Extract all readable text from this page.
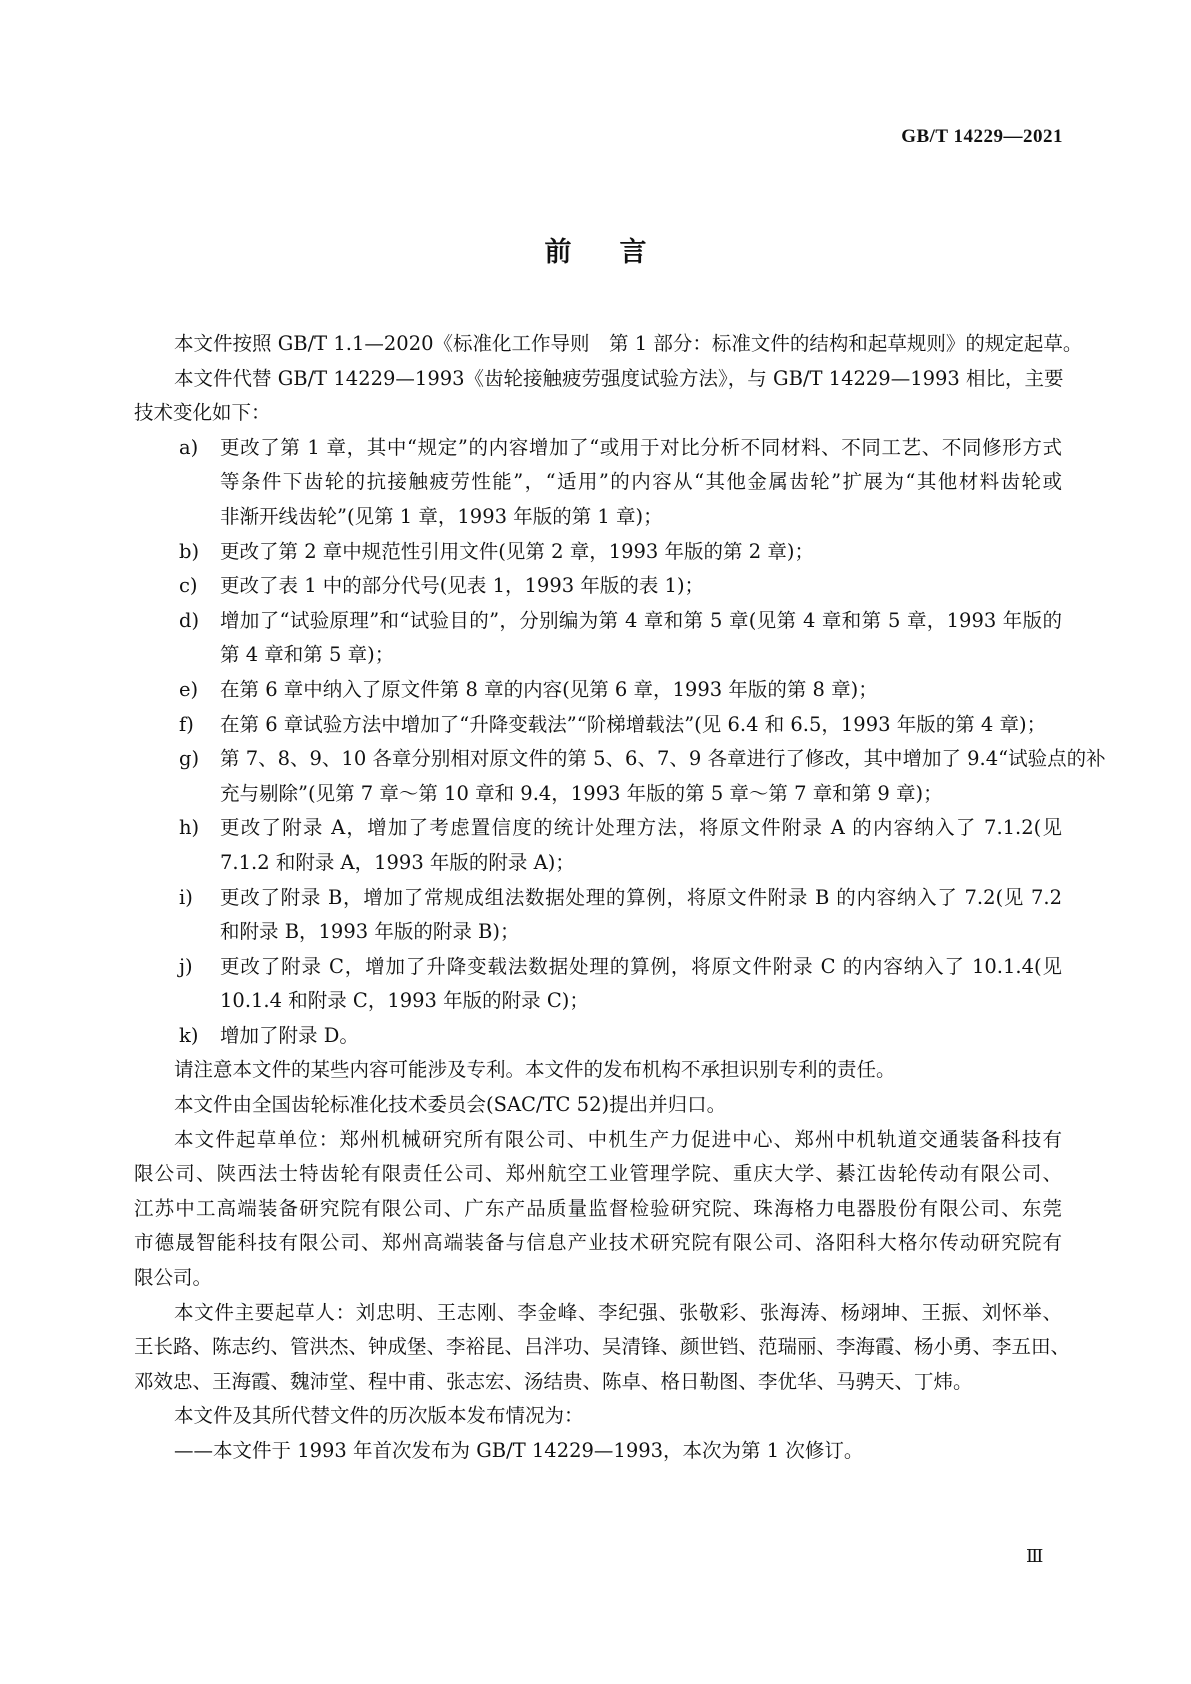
GB/T 14229—2021
前 言
本文件按照 GB/T 1.1—2020《标准化工作导则　第 1 部分：标准文件的结构和起草规则》的规定起草。
本文件代替 GB/T 14229—1993《齿轮接触疲劳强度试验方法》，与 GB/T 14229—1993 相比，主要
技术变化如下：
a) 更改了第 1 章，其中“规定”的内容增加了“或用于对比分析不同材料、不同工艺、不同修形方式
等条件下齿轮的抗接触疲劳性能”，“适用”的内容从“其他金属齿轮”扩展为“其他材料齿轮或
非渐开线齿轮”(见第 1 章，1993 年版的第 1 章)；
b) 更改了第 2 章中规范性引用文件(见第 2 章，1993 年版的第 2 章)；
c) 更改了表 1 中的部分代号(见表 1，1993 年版的表 1)；
d) 增加了“试验原理”和“试验目的”，分别编为第 4 章和第 5 章(见第 4 章和第 5 章，1993 年版的
第 4 章和第 5 章)；
e) 在第 6 章中纳入了原文件第 8 章的内容(见第 6 章，1993 年版的第 8 章)；
f) 在第 6 章试验方法中增加了“升降变载法”“阶梯增载法”(见 6.4 和 6.5，1993 年版的第 4 章)；
g) 第 7、8、9、10 各章分别相对原文件的第 5、6、7、9 各章进行了修改，其中增加了 9.4“试验点的补
充与剔除”(见第 7 章～第 10 章和 9.4，1993 年版的第 5 章～第 7 章和第 9 章)；
h) 更改了附录 A，增加了考虑置信度的统计处理方法，将原文件附录 A 的内容纳入了 7.1.2(见
7.1.2 和附录 A，1993 年版的附录 A)；
i) 更改了附录 B，增加了常规成组法数据处理的算例，将原文件附录 B 的内容纳入了 7.2(见 7.2
和附录 B，1993 年版的附录 B)；
j) 更改了附录 C，增加了升降变载法数据处理的算例，将原文件附录 C 的内容纳入了 10.1.4(见
10.1.4 和附录 C，1993 年版的附录 C)；
k) 增加了附录 D。
请注意本文件的某些内容可能涉及专利。本文件的发布机构不承担识别专利的责任。
本文件由全国齿轮标准化技术委员会(SAC/TC 52)提出并归口。
本文件起草单位：郑州机械研究所有限公司、中机生产力促进中心、郑州中机轨道交通装备科技有
限公司、陕西法士特齿轮有限责任公司、郑州航空工业管理学院、重庆大学、綦江齿轮传动有限公司、
江苏中工高端装备研究院有限公司、广东产品质量监督检验研究院、珠海格力电器股份有限公司、东莞
市德晟智能科技有限公司、郑州高端装备与信息产业技术研究院有限公司、洛阳科大格尔传动研究院有
限公司。
本文件主要起草人：刘忠明、王志刚、李金峰、李纪强、张敬彩、张海涛、杨翊坤、王振、刘怀举、
王长路、陈志约、管洪杰、钟成堡、李裕昆、吕泮功、吴清锋、颜世铛、范瑞丽、李海霞、杨小勇、李五田、
邓效忠、王海霞、魏沛堂、程中甫、张志宏、汤结贵、陈卓、格日勒图、李优华、马骋天、丁炜。
本文件及其所代替文件的历次版本发布情况为：
——本文件于 1993 年首次发布为 GB/T 14229—1993，本次为第 1 次修订。
Ⅲ
